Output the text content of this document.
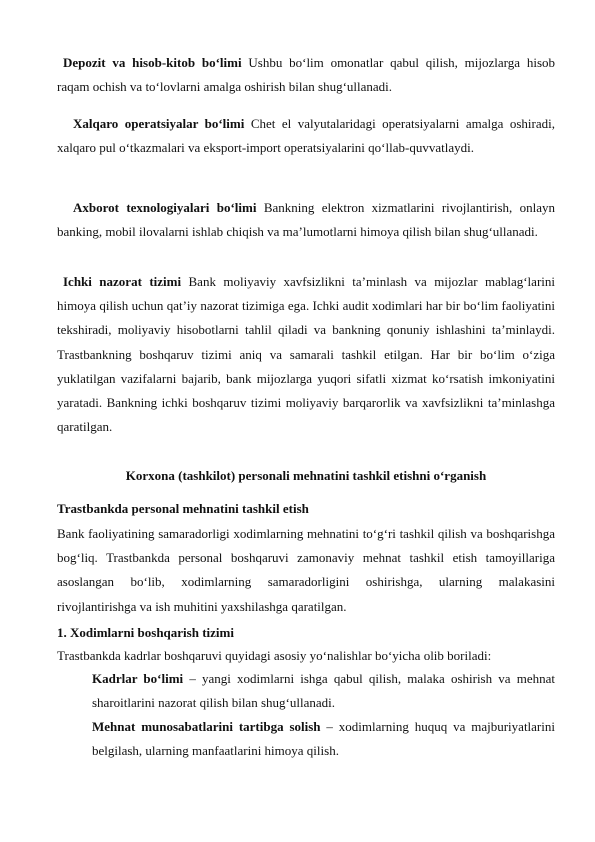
Depozit va hisob-kitob bo‘limi Ushbu bo‘lim omonatlar qabul qilish, mijozlarga hisob raqam ochish va to‘lovlarni amalga oshirish bilan shug‘ullanadi.

Xalqaro operatsiyalar bo‘limi Chet el valyutalaridagi operatsiyalarni amalga oshiradi, xalqaro pul o‘tkazmalari va eksport-import operatsiyalarini qo‘llab-quvvatlaydi.

Axborot texnologiyalari bo‘limi Bankning elektron xizmatlarini rivojlantirish, onlayn banking, mobil ilovalarni ishlab chiqish va ma’lumotlarni himoya qilish bilan shug‘ullanadi.

Ichki nazorat tizimi Bank moliyaviy xavfsizlikni ta’minlash va mijozlar mablag‘larini himoya qilish uchun qat’iy nazorat tizimiga ega. Ichki audit xodimlari har bir bo‘lim faoliyatini tekshiradi, moliyaviy hisobotlarni tahlil qiladi va bankning qonuniy ishlashini ta’minlaydi. Trastbankning boshqaruv tizimi aniq va samarali tashkil etilgan. Har bir bo‘lim o‘ziga yuklatilgan vazifalarni bajarib, bank mijozlarga yuqori sifatli xizmat ko‘rsatish imkoniyatini yaratadi. Bankning ichki boshqaruv tizimi moliyaviy barqarorlik va xavfsizlikni ta’minlashga qaratilgan.

Korxona (tashkilot) personali mehnatini tashkil etishni o‘rganish

Trastbankda personal mehnatini tashkil etish

Bank faoliyatining samaradorligi xodimlarning mehnatini to‘g‘ri tashkil qilish va boshqarishga bog‘liq. Trastbankda personal boshqaruvi zamonaviy mehnat tashkil etish tamoyillariga asoslangan bo‘lib, xodimlarning samaradorligini oshirishga, ularning malakasini rivojlantirishga va ish muhitini yaxshilashga qaratilgan.

1. Xodimlarni boshqarish tizimi

Trastbankda kadrlar boshqaruvi quyidagi asosiy yo‘nalishlar bo‘yicha olib boriladi:

Kadrlar bo‘limi – yangi xodimlarni ishga qabul qilish, malaka oshirish va mehnat sharoitlarini nazorat qilish bilan shug‘ullanadi.

Mehnat munosabatlarini tartibga solish – xodimlarning huquq va majburiyatlarini belgilash, ularning manfaatlarini himoya qilish.
